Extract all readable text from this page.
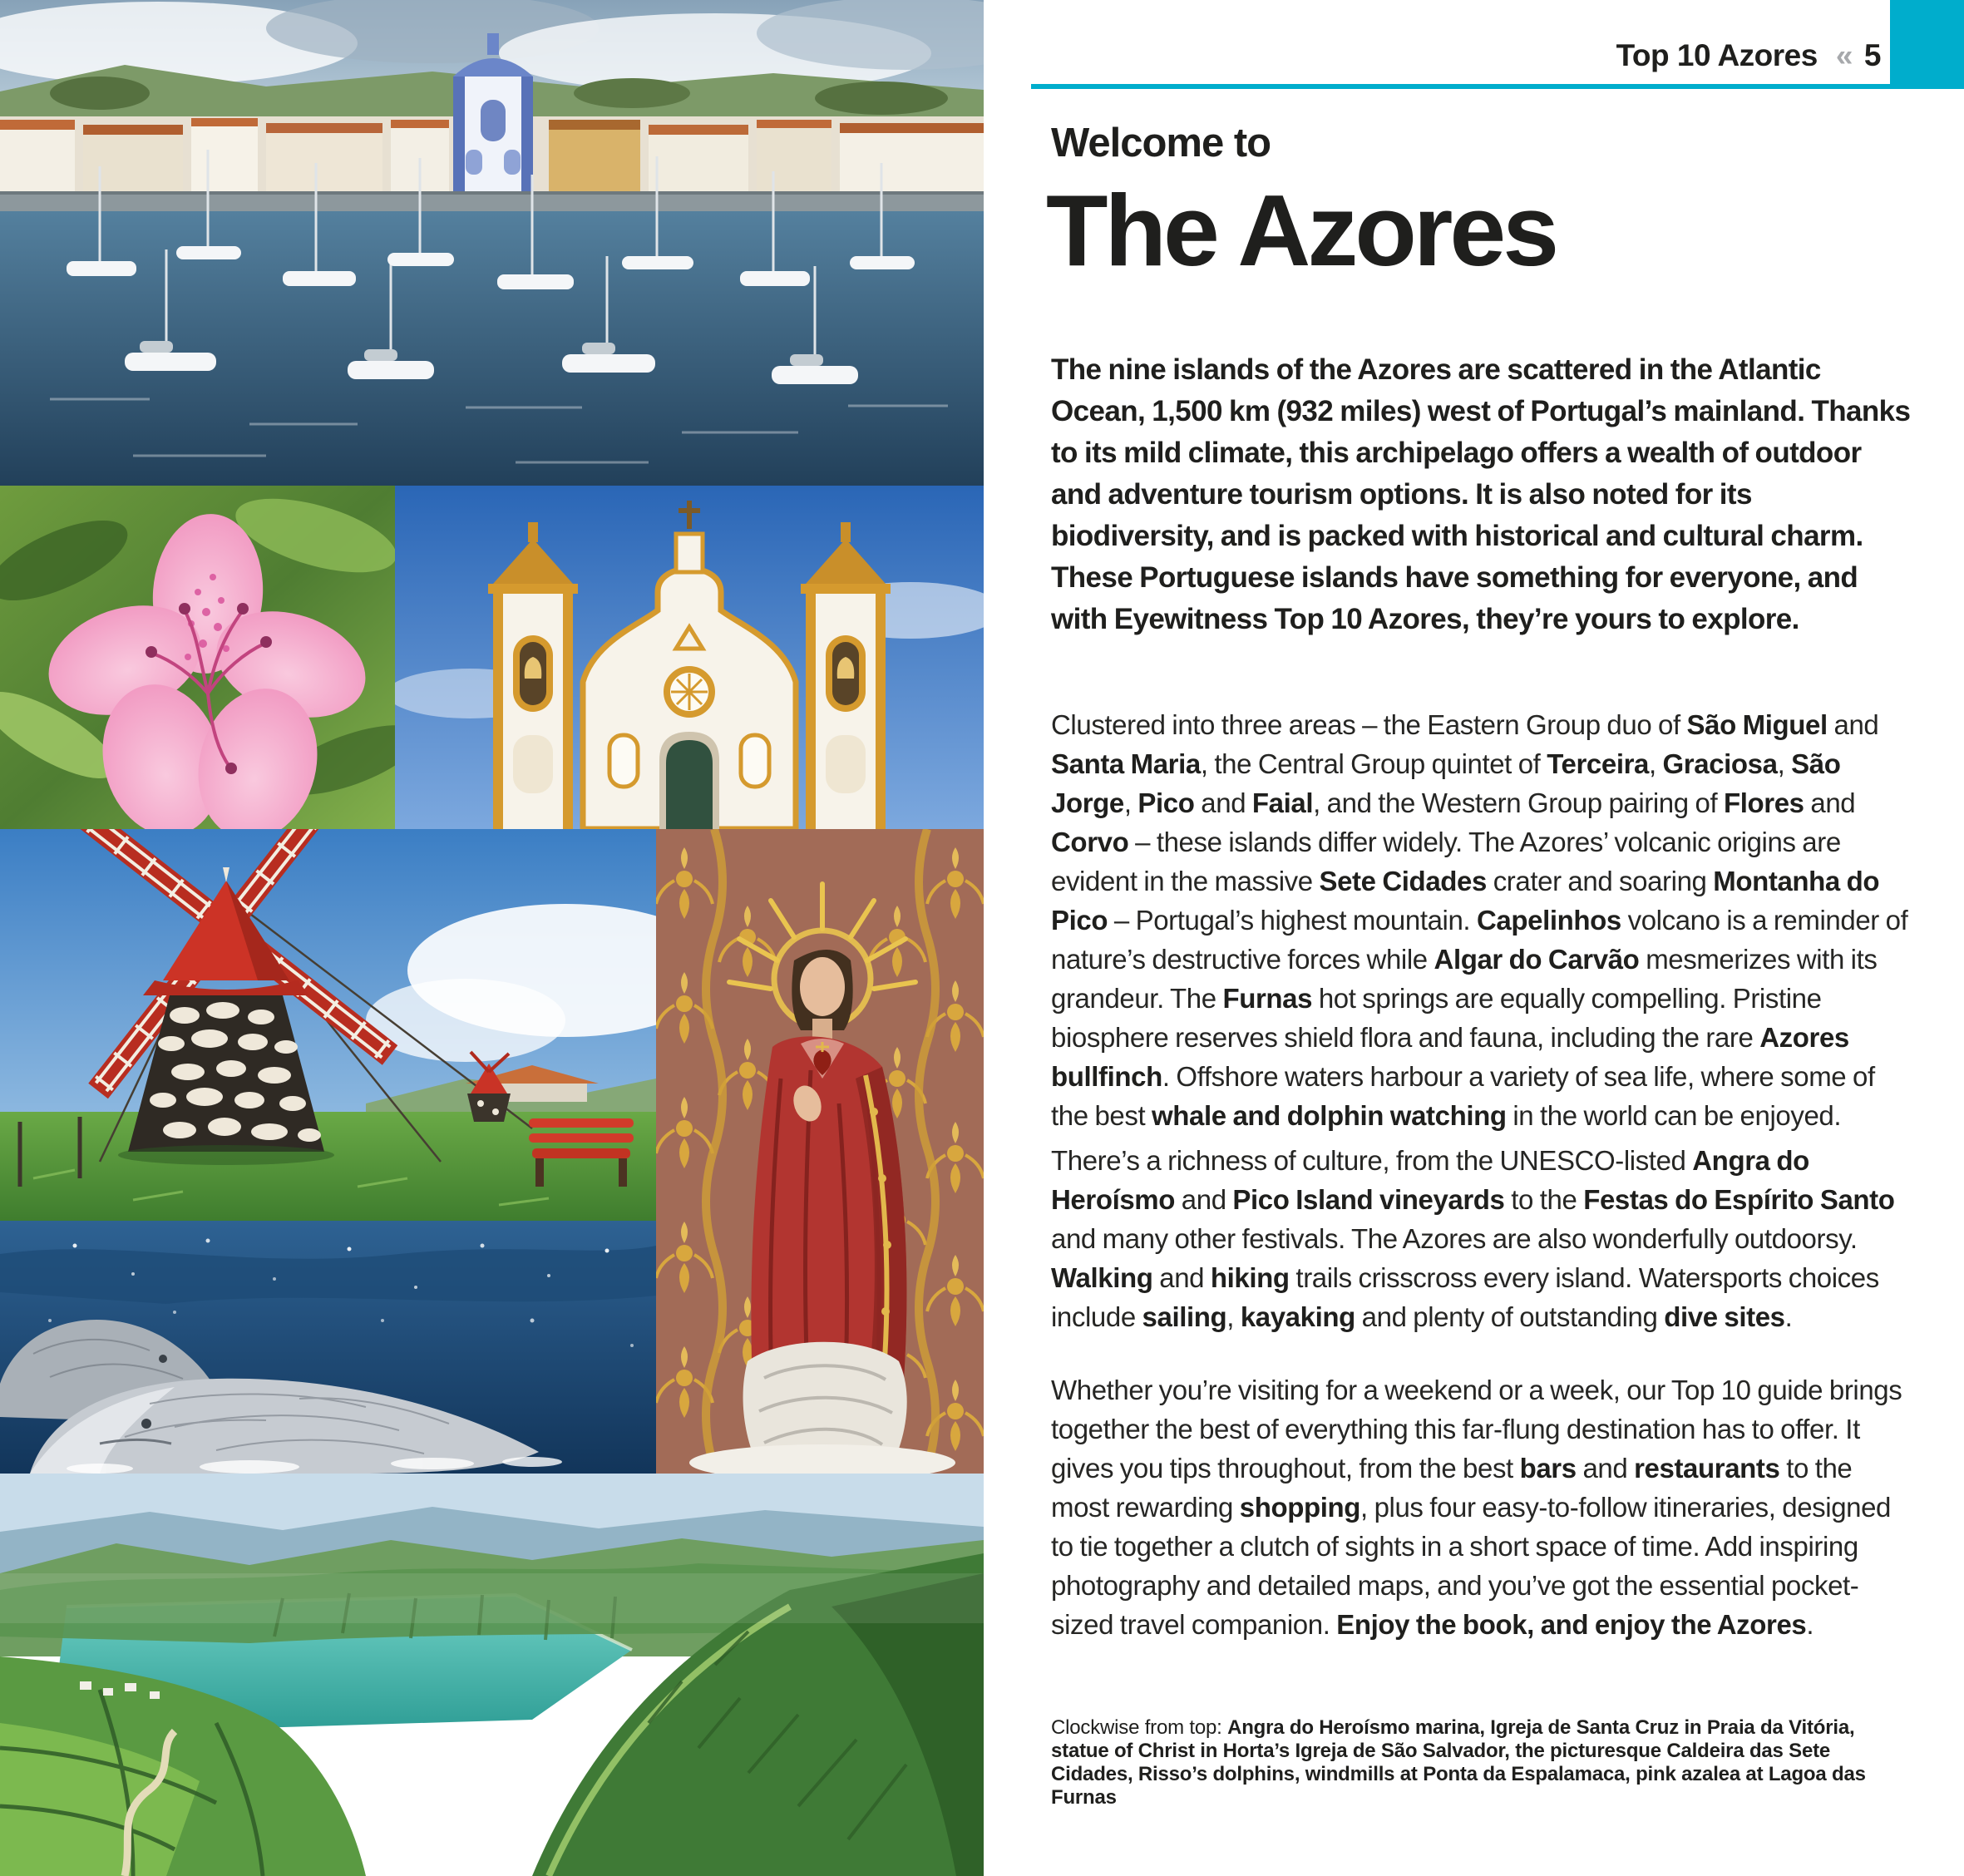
Top 10 Azores « 5
Welcome to
The Azores

The nine islands of the Azores are scattered in the Atlantic Ocean, 1,500 km (932 miles) west of Portugal’s mainland. Thanks to its mild climate, this archipelago offers a wealth of outdoor and adventure tourism options. It is also noted for its biodiversity, and is packed with historical and cultural charm. These Portuguese islands have something for everyone, and with Eyewitness Top 10 Azores, they’re yours to explore.

Clustered into three areas – the Eastern Group duo of São Miguel and Santa Maria, the Central Group quintet of Terceira, Graciosa, São Jorge, Pico and Faial, and the Western Group pairing of Flores and Corvo – these islands differ widely. The Azores’ volcanic origins are evident in the massive Sete Cidades crater and soaring Montanha do Pico – Portugal’s highest mountain. Capelinhos volcano is a reminder of nature’s destructive forces while Algar do Carvão mesmerizes with its grandeur. The Furnas hot springs are equally compelling. Pristine biosphere reserves shield flora and fauna, including the rare Azores bullfinch. Offshore waters harbour a variety of sea life, where some of the best whale and dolphin watching in the world can be enjoyed.

There’s a richness of culture, from the UNESCO-listed Angra do Heroísmo and Pico Island vineyards to the Festas do Espírito Santo and many other festivals. The Azores are also wonderfully outdoorsy. Walking and hiking trails crisscross every island. Watersports choices include sailing, kayaking and plenty of outstanding dive sites.

Whether you’re visiting for a weekend or a week, our Top 10 guide brings together the best of everything this far-flung destination has to offer. It gives you tips throughout, from the best bars and restaurants to the most rewarding shopping, plus four easy-to-follow itineraries, designed to tie together a clutch of sights in a short space of time. Add inspiring photography and detailed maps, and you’ve got the essential pocket-sized travel companion. Enjoy the book, and enjoy the Azores.

Clockwise from top: Angra do Heroísmo marina, Igreja de Santa Cruz in Praia da Vitória, statue of Christ in Horta’s Igreja de São Salvador, the picturesque Caldeira das Sete Cidades, Risso’s dolphins, windmills at Ponta da Espalamaca, pink azalea at Lagoa das Furnas
